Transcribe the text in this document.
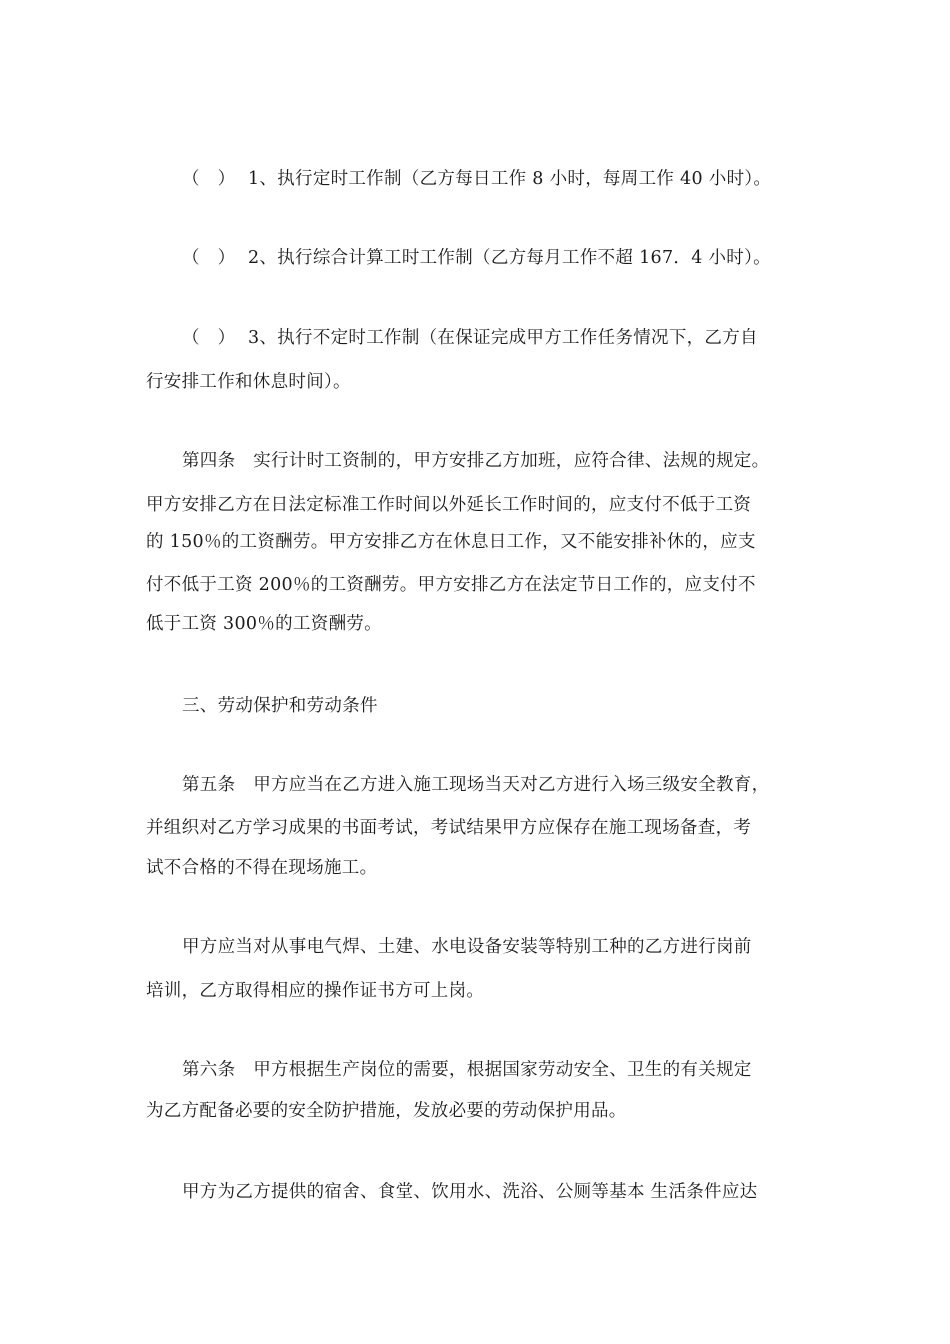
（　） 1、执行定时工作制（乙方每日工作 8 小时，每周工作 40 小时）。
（　） 2、执行综合计算工时工作制（乙方每月工作不超 167．4 小时）。
（　） 3、执行不定时工作制（在保证完成甲方工作任务情况下，乙方自
行安排工作和休息时间）。
第四条　实行计时工资制的，甲方安排乙方加班，应符合律、法规的规定。
甲方安排乙方在日法定标准工作时间以外延长工作时间的，应支付不低于工资
的 150％的工资酬劳。甲方安排乙方在休息日工作，又不能安排补休的，应支
付不低于工资 200％的工资酬劳。甲方安排乙方在法定节日工作的，应支付不
低于工资 300％的工资酬劳。
三、劳动保护和劳动条件
第五条　甲方应当在乙方进入施工现场当天对乙方进行入场三级安全教育，
并组织对乙方学习成果的书面考试，考试结果甲方应保存在施工现场备查，考
试不合格的不得在现场施工。
甲方应当对从事电气焊、土建、水电设备安装等特别工种的乙方进行岗前
培训，乙方取得相应的操作证书方可上岗。
第六条　甲方根据生产岗位的需要，根据国家劳动安全、卫生的有关规定
为乙方配备必要的安全防护措施，发放必要的劳动保护用品。
甲方为乙方提供的宿舍、食堂、饮用水、洗浴、公厕等基本 生活条件应达
